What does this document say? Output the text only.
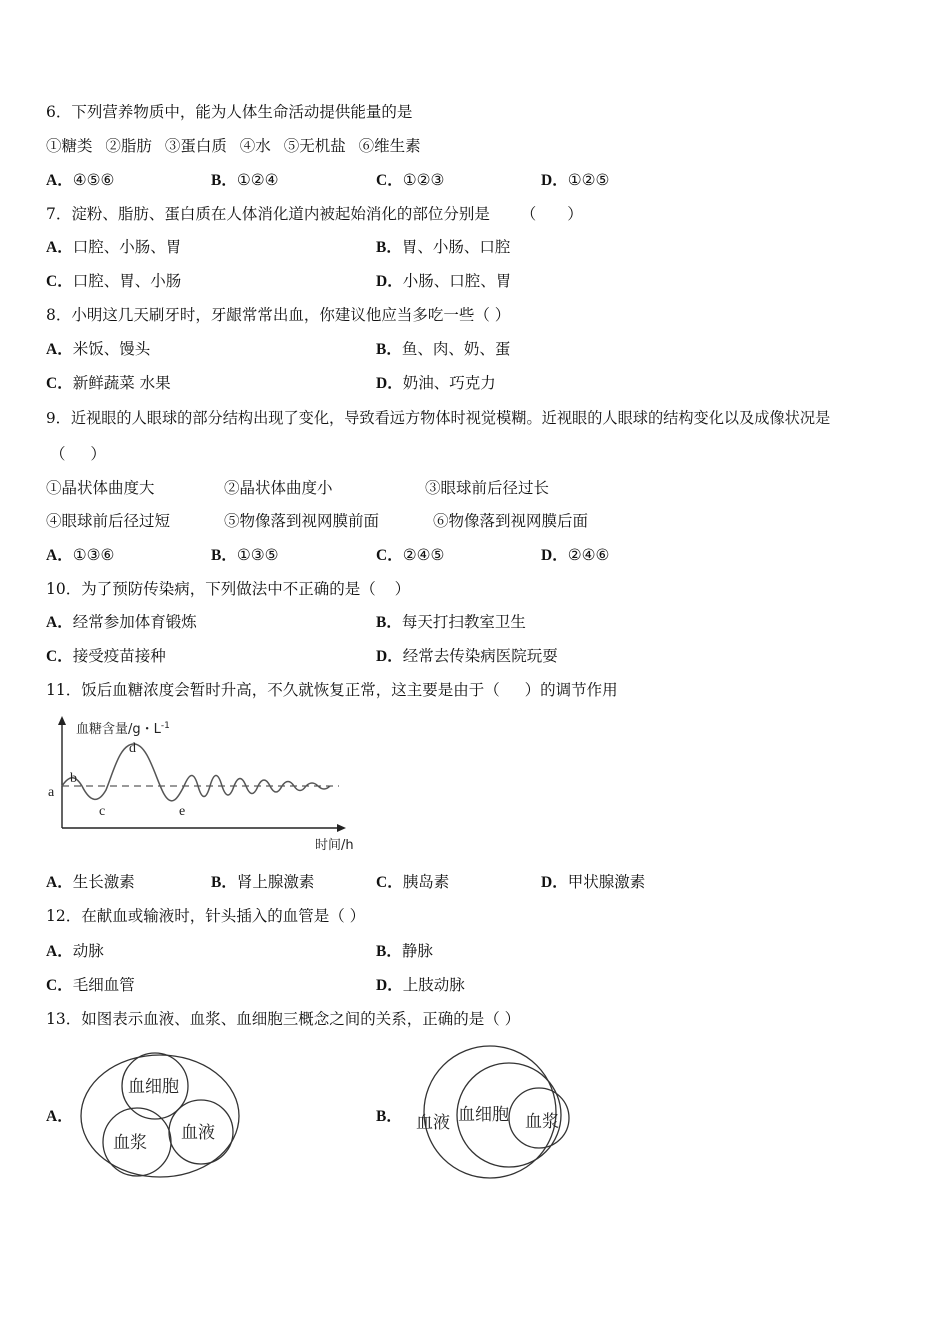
6．下列营养物质中，能为人体生命活动提供能量的是
①糖类 ②脂肪 ③蛋白质 ④水 ⑤无机盐 ⑥维生素
A．④⑤⑥	B．①②④	C．①②③	D．①②⑤
7．淀粉、脂肪、蛋白质在人体消化道内被起始消化的部位分别是 （ ）
A．口腔、小肠、胃	B．胃、小肠、口腔
C．口腔、胃、小肠	D．小肠、口腔、胃
8．小明这几天刷牙时，牙龈常常出血，你建议他应当多吃一些（ ）
A．米饭、馒头	B．鱼、肉、奶、蛋
C．新鲜蔬菜 水果	D．奶油、巧克力
9．近视眼的人眼球的部分结构出现了变化，导致看远方物体时视觉模糊。近视眼的人眼球的结构变化以及成像状况是
（ ）
①晶状体曲度大	②晶状体曲度小	③眼球前后径过长
④眼球前后径过短	⑤物像落到视网膜前面	⑥物像落到视网膜后面
A．①③⑥	B．①③⑤	C．②④⑤	D．②④⑥
10．为了预防传染病，下列做法中不正确的是（ ）
A．经常参加体育锻炼	B．每天打扫教室卫生
C．接受疫苗接种	D．经常去传染病医院玩耍
11．饭后血糖浓度会暂时升高，不久就恢复正常，这主要是由于（ ）的调节作用
血糖含量/g・$L^{-1}$
a
b
c
d
e
时间/h
A．生长激素	B．肾上腺激素	C．胰岛素	D．甲状腺激素
12．在献血或输液时，针头插入的血管是（ ）
A．动脉	B．静脉
C．毛细血管	D．上肢动脉
13．如图表示血液、血浆、血细胞三概念之间的关系，正确的是（ ）
A．
血细胞
血浆 血液
B． 血液 血细胞 血浆
